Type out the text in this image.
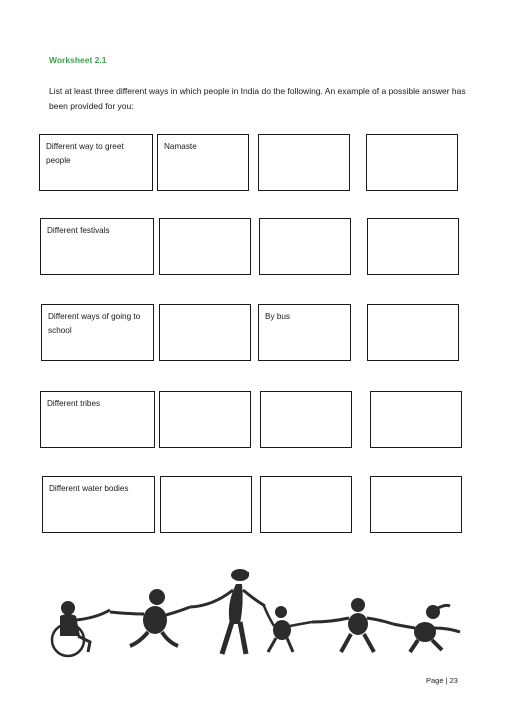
Worksheet 2.1
List at least three different ways in which people in India do the following. An example of a possible answer has been provided for you:
Different way to greet people
Namaste
Different festivals
Different ways of going to school
By bus
Different tribes
Different water bodies
Page | 23
